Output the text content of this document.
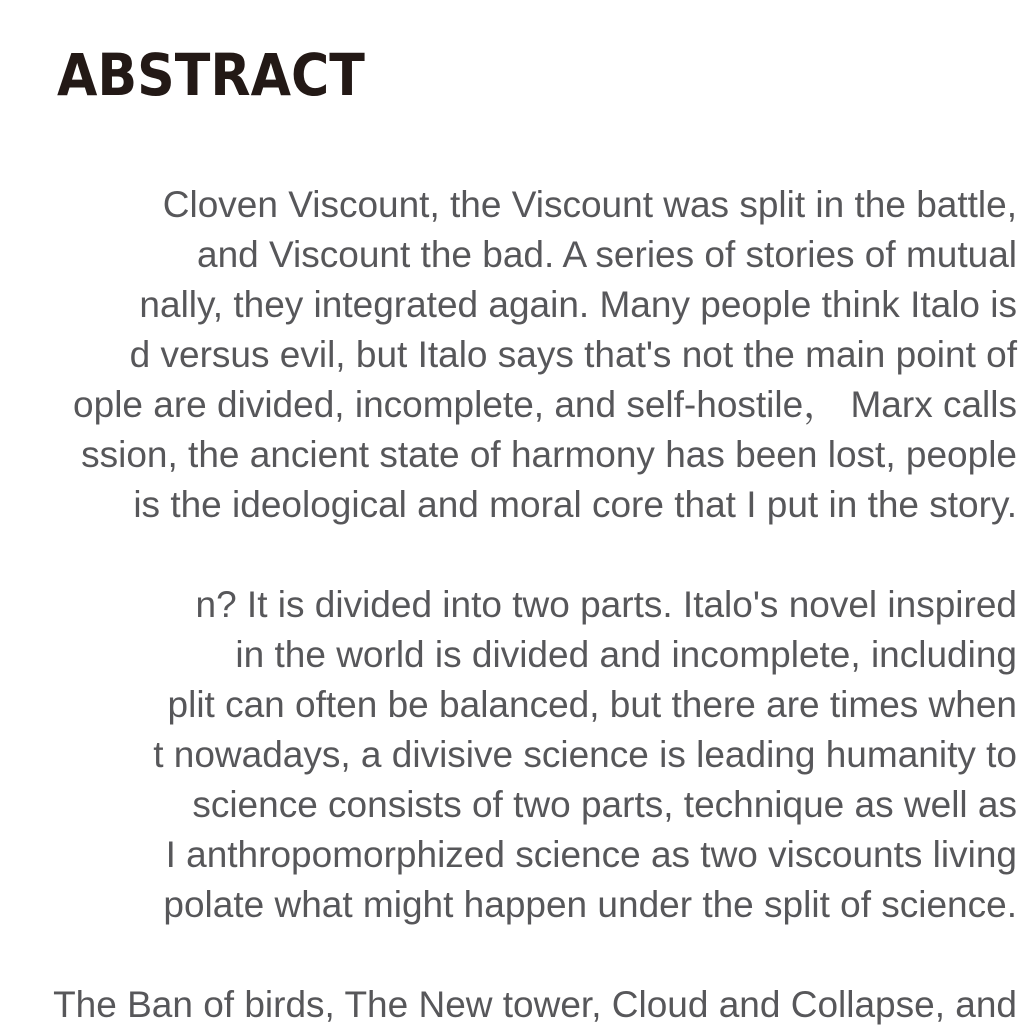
ABSTRACT
Cloven Viscount, the Viscount was split in the battle,
and Viscount the bad. A series of stories of mutual
nally, they integrated again. Many people think Italo is
d versus evil, but Italo says that's not the main point of
ople are divided, incomplete, and self-hostile， Marx calls
ssion, the ancient state of harmony has been lost, people
is the ideological and moral core that I put in the story.
n? It is divided into two parts. Italo's novel inspired
in the world is divided and incomplete, including
plit can often be balanced, but there are times when
t nowadays, a divisive science is leading humanity to
science consists of two parts, technique as well as
I anthropomorphized science as two viscounts living
polate what might happen under the split of science.
The Ban of birds, The New tower, Cloud and Collapse, and
